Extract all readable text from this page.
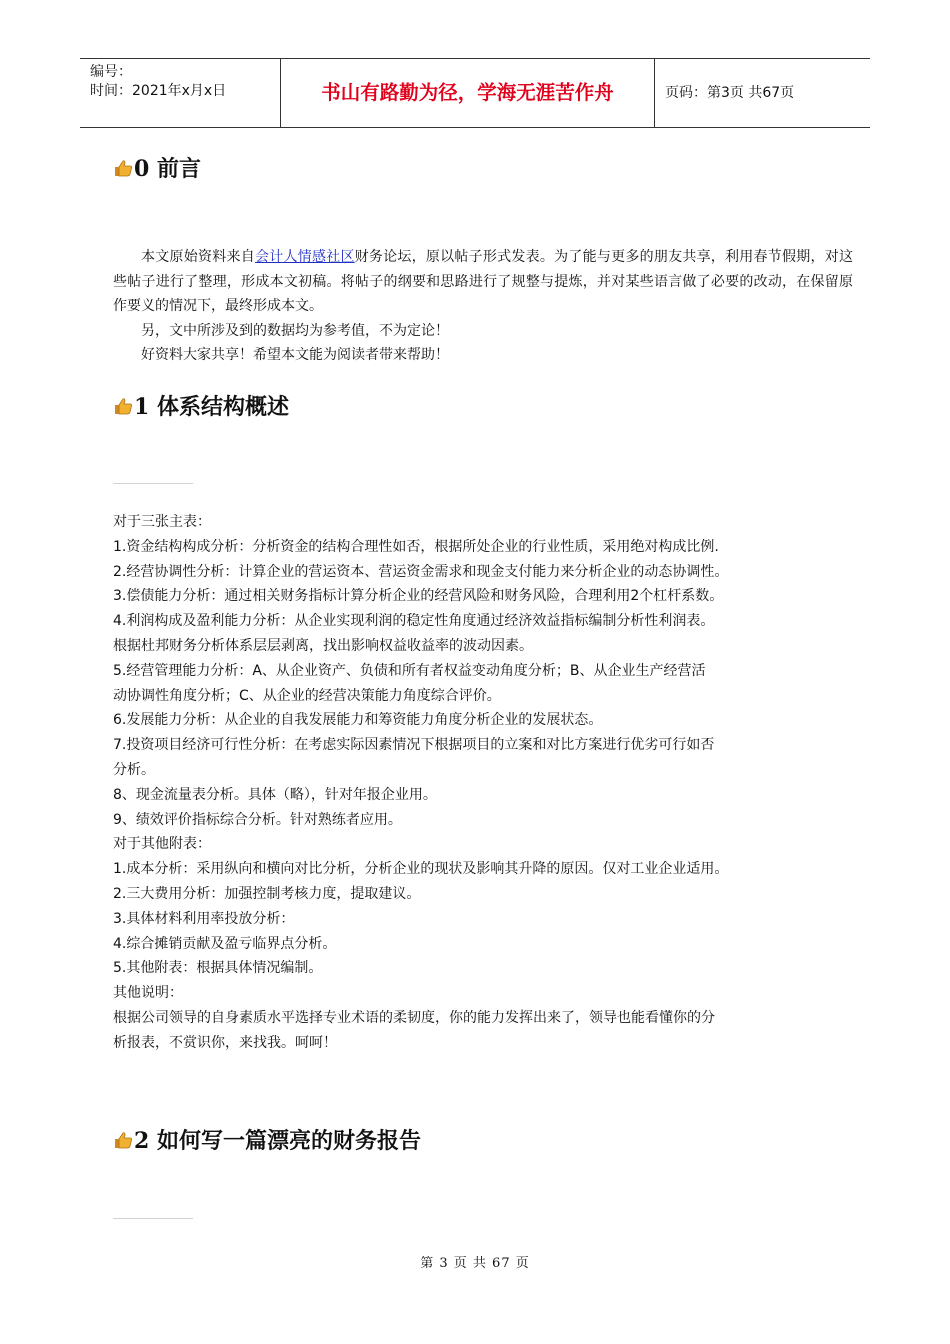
编号：
时间：2021年x月x日	书山有路勤为径，学海无涯苦作舟	页码：第3页 共67页
0 前言

本文原始资料来自会计人情感社区财务论坛，原以帖子形式发表。为了能与更多的朋友共享，利用春节假期，对这些帖子进行了整理，形成本文初稿。将帖子的纲要和思路进行了规整与提炼，并对某些语言做了必要的改动，在保留原作要义的情况下，最终形成本文。

另，文中所涉及到的数据均为参考值，不为定论！

好资料大家共享！希望本文能为阅读者带来帮助！

1 体系结构概述
对于三张主表：
1.资金结构构成分析：分析资金的结构合理性如否，根据所处企业的行业性质，采用绝对构成比例.
2.经营协调性分析：计算企业的营运资本、营运资金需求和现金支付能力来分析企业的动态协调性。
3.偿债能力分析：通过相关财务指标计算分析企业的经营风险和财务风险，合理利用2个杠杆系数。
4.利润构成及盈利能力分析：从企业实现利润的稳定性角度通过经济效益指标编制分析性利润表。
根据杜邦财务分析体系层层剥离，找出影响权益收益率的波动因素。
5.经营管理能力分析：A、从企业资产、负债和所有者权益变动角度分析；B、从企业生产经营活
动协调性角度分析；C、从企业的经营决策能力角度综合评价。
6.发展能力分析：从企业的自我发展能力和筹资能力角度分析企业的发展状态。
7.投资项目经济可行性分析：在考虑实际因素情况下根据项目的立案和对比方案进行优劣可行如否
分析。
8、现金流量表分析。具体（略），针对年报企业用。
9、绩效评价指标综合分析。针对熟练者应用。
对于其他附表：
1.成本分析：采用纵向和横向对比分析，分析企业的现状及影响其升降的原因。仅对工业企业适用。
2.三大费用分析：加强控制考核力度，提取建议。
3.具体材料利用率投放分析：
4.综合摊销贡献及盈亏临界点分析。
5.其他附表：根据具体情况编制。
其他说明：
根据公司领导的自身素质水平选择专业术语的柔韧度，你的能力发挥出来了，领导也能看懂你的分
析报表，不赏识你，来找我。呵呵！
2 如何写一篇漂亮的财务报告
第 3 页 共 67 页
